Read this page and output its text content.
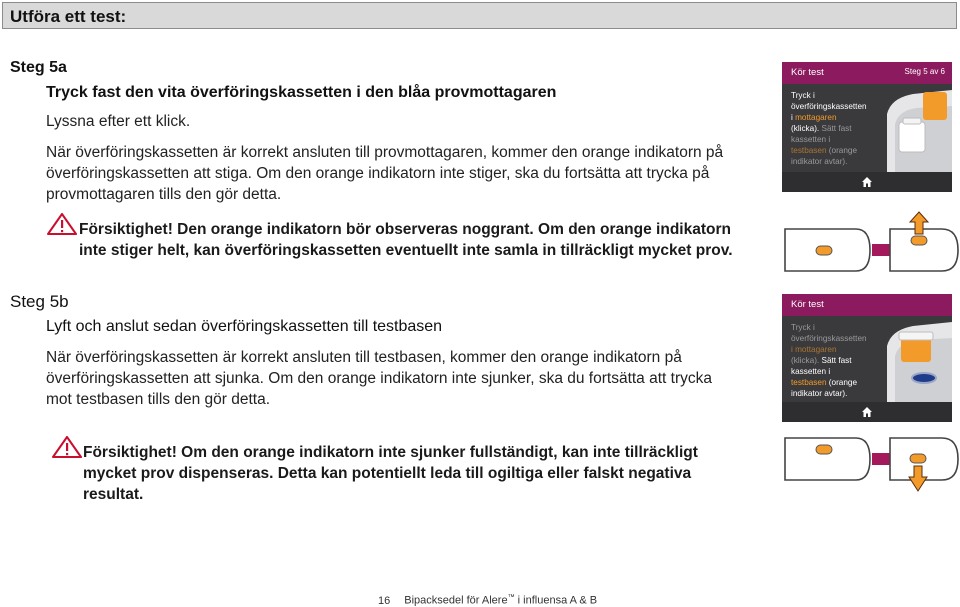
Utföra ett test:
Steg 5a
Tryck fast den vita överföringskassetten i den blåa provmottagaren
Lyssna efter ett klick.
När överföringskassetten är korrekt ansluten till provmottagaren, kommer den orange indikatorn på
överföringskassetten att stiga. Om den orange indikatorn inte stiger, ska du fortsätta att trycka på
provmottagaren tills den gör detta.
Försiktighet! Den orange indikatorn bör observeras noggrant. Om den orange indikatorn
inte stiger helt, kan överföringskassetten eventuellt inte samla in tillräckligt mycket prov.
Kör test	Steg 5 av 6
Tryck i
överföringskassetten
i mottagaren
(klicka). Sätt fast
kassetten i
testbasen (orange
indikator avtar).
Steg 5b
Lyft och anslut sedan överföringskassetten till testbasen
När överföringskassetten är korrekt ansluten till testbasen, kommer den orange indikatorn på
överföringskassetten att sjunka. Om den orange indikatorn inte sjunker, ska du fortsätta att trycka
mot testbasen tills den gör detta.
Försiktighet! Om den orange indikatorn inte sjunker fullständigt, kan inte tillräckligt
mycket prov dispenseras. Detta kan potentiellt leda till ogiltiga eller falskt negativa
resultat.
Kör test
Tryck i
överföringskassetten
i mottagaren
(klicka). Sätt fast
kassetten i
testbasen (orange
indikator avtar).
16 Bipacksedel för Alere™ i influensa A & B
